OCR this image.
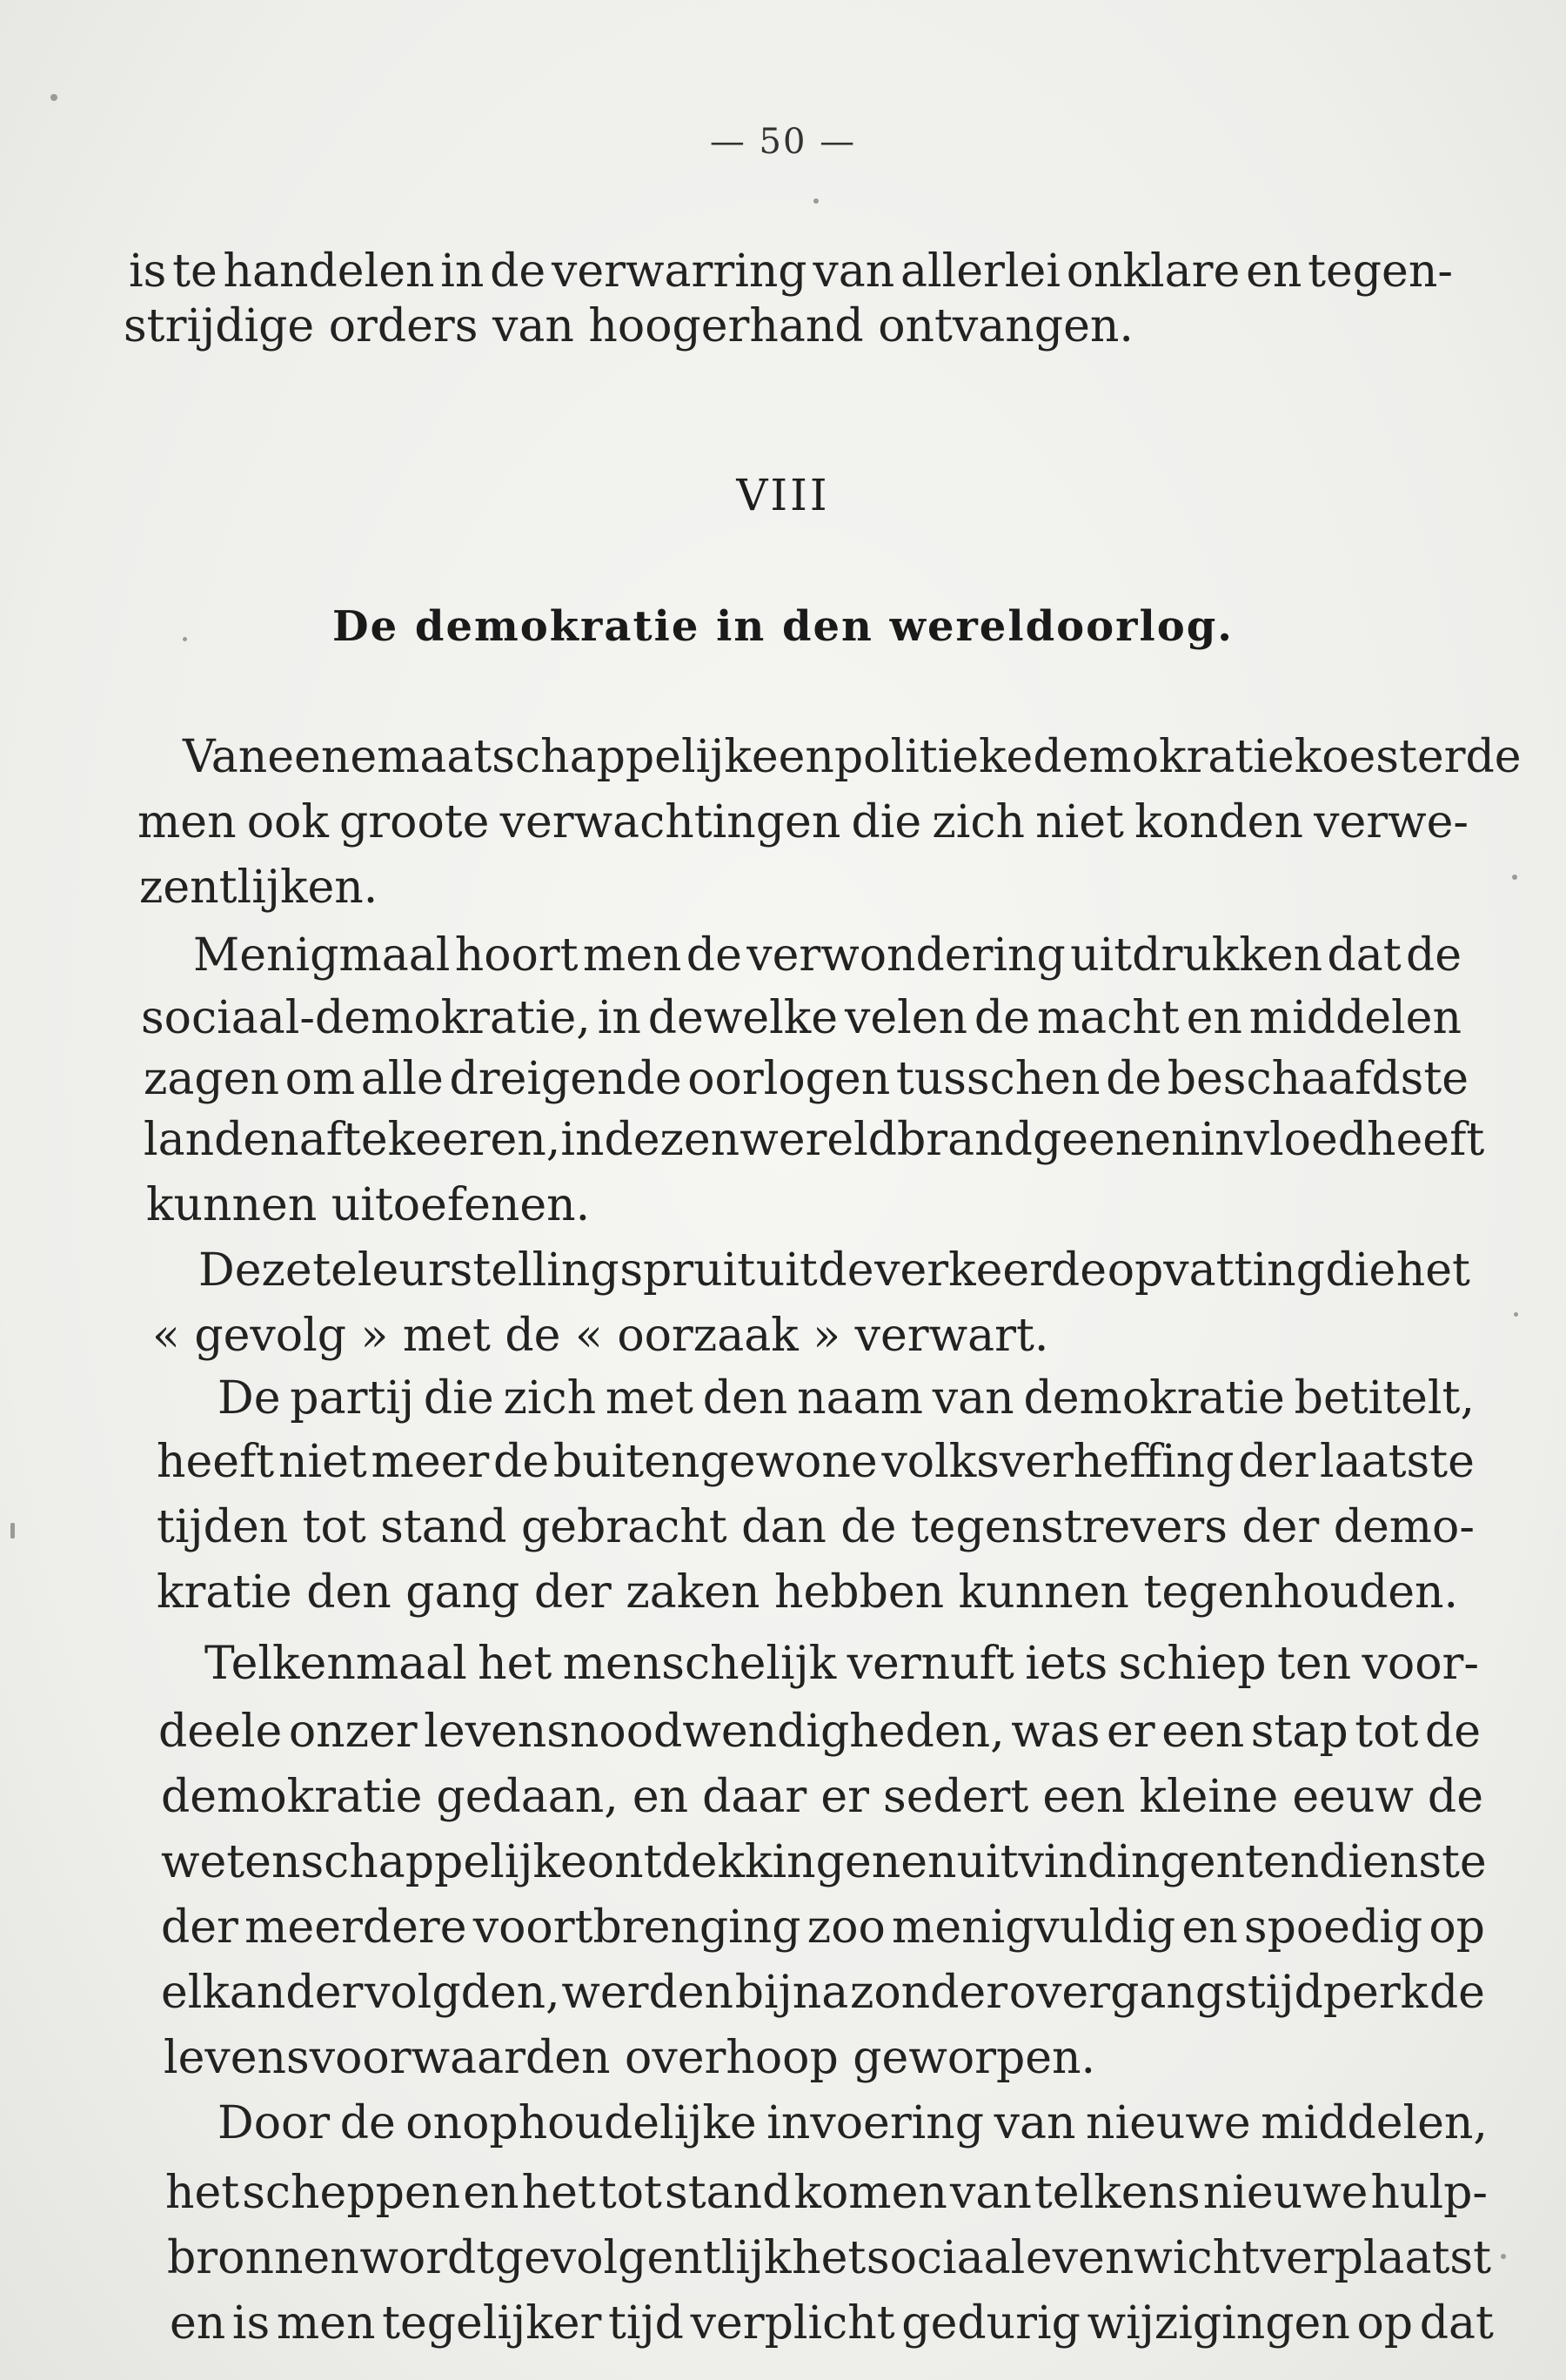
— 50 —
is te handelen in de verwarring van allerlei onklare en tegen-
strijdige orders van hoogerhand ontvangen.
VIII
De demokratie in den wereldoorlog.
Van eene maatschappelijke en politieke demokratie koesterde
men ook groote verwachtingen die zich niet konden verwe-
zentlijken.
Menigmaal hoort men de verwondering uitdrukken dat de
sociaal-demokratie, in dewelke velen de macht en middelen
zagen om alle dreigende oorlogen tusschen de beschaafdste
landen af te keeren, in dezen wereldbrand geenen invloed heeft
kunnen uitoefenen.
Deze teleurstelling spruit uit de verkeerde opvatting die het
« gevolg » met de « oorzaak » verwart.
De partij die zich met den naam van demokratie betitelt,
heeft niet meer de buitengewone volksverheffing der laatste
tijden tot stand gebracht dan de tegenstrevers der demo-
kratie den gang der zaken hebben kunnen tegenhouden.
Telkenmaal het menschelijk vernuft iets schiep ten voor-
deele onzer levensnoodwendigheden, was er een stap tot de
demokratie gedaan, en daar er sedert een kleine eeuw de
wetenschappelijke ontdekkingen en uitvindingen ten dienste
der meerdere voortbrenging zoo menigvuldig en spoedig op
elkander volgden, werden bijna zonder overgangstijdperk de
levensvoorwaarden overhoop geworpen.
Door de onophoudelijke invoering van nieuwe middelen,
het scheppen en het tot stand komen van telkens nieuwe hulp-
bronnen wordt gevolgentlijk het sociaal evenwicht verplaatst
en is men tegelijker tijd verplicht gedurig wijzigingen op dat
